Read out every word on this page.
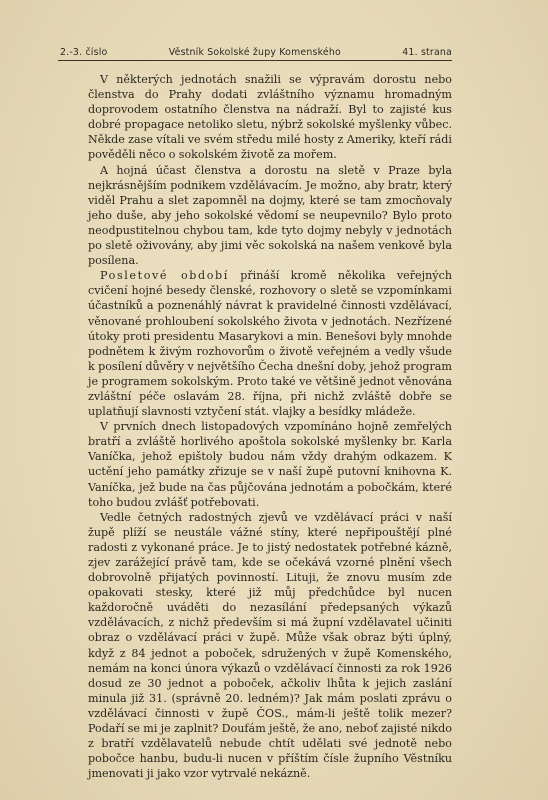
2.-3. číslo	Věstník Sokolské župy Komenského	41. strana

V některých jednotách snažili se výpravám dorostu nebo členstva do Prahy dodati zvláštního významu hromadným doprovodem ostatního členstva na nádraží. Byl to zajisté kus dobré propagace netoliko sletu, nýbrž sokolské myšlenky vůbec. Někde zase vítali ve svém středu milé hosty z Ameriky, kteří rádi pověděli něco o sokolském životě za mořem.

A hojná účast členstva a dorostu na sletě v Praze byla nejkrásnějším podnikem vzdělávacím. Je možno, aby bratr, který viděl Prahu a slet zapomněl na dojmy, které se tam zmocňovaly jeho duše, aby jeho sokolské vědomí se neupevnilo? Bylo proto neodpustitelnou chybou tam, kde tyto dojmy nebyly v jednotách po sletě oživovány, aby jimi věc sokolská na našem venkově byla posílena.

Posletové období přináší kromě několika veřejných cvičení hojné besedy členské, rozhovory o sletě se vzpomínkami účastníků a poznenáhlý návrat k pravidelné činnosti vzdělávací, věnované prohloubení sokolského života v jednotách. Nezřízené útoky proti presidentu Masarykovi a min. Benešovi byly mnohde podnětem k živým rozhovorům o životě veřejném a vedly všude k posílení důvěry v největšího Čecha dnešní doby, jehož program je programem sokolským. Proto také ve většině jednot věnována zvláštní péče oslavám 28. října, při nichž zvláště dobře se uplatňují slavnosti vztyčení stát. vlajky a besídky mládeže.

V prvních dnech listopadových vzpomínáno hojně zemřelých bratří a zvláště horlivého apoštola sokolské myšlenky br. Karla Vaníčka, jehož epištoly budou nám vždy drahým odkazem. K uctění jeho památky zřizuje se v naší župě putovní knihovna K. Vaníčka, jež bude na čas půjčována jednotám a pobočkám, které toho budou zvlášť potřebovati.

Vedle četných radostných zjevů ve vzdělávací práci v naší župě plíží se neustále vážné stíny, které nepřipouštějí plné radosti z vykonané práce. Je to jistý nedostatek potřebné kázně, zjev zarážející právě tam, kde se očekává vzorné plnění všech dobrovolně přijatých povinností. Lituji, že znovu musím zde opakovati stesky, které již můj předchůdce byl nucen každoročně uváděti do nezasílání předepsaných výkazů vzdělávacích, z nichž především si má župní vzdělavatel učiniti obraz o vzdělávací práci v župě. Může však obraz býti úplný, když z 84 jednot a poboček, sdružených v župě Komenského, nemám na konci února výkazů o vzdělávací činnosti za rok 1926 dosud ze 30 jednot a poboček, ačkoliv lhůta k jejich zaslání minula již 31. (správně 20. ledném)? Jak mám poslati zprávu o vzdělávací činnosti v župě ČOS., mám-li ještě tolik mezer? Podaří se mi je zaplnit? Doufám ještě, že ano, neboť zajisté nikdo z bratří vzdělavatelů nebude chtít udělati své jednotě nebo pobočce hanbu, budu-li nucen v příštím čísle župního Věstníku jmenovati ji jako vzor vytrvalé nekázně.
